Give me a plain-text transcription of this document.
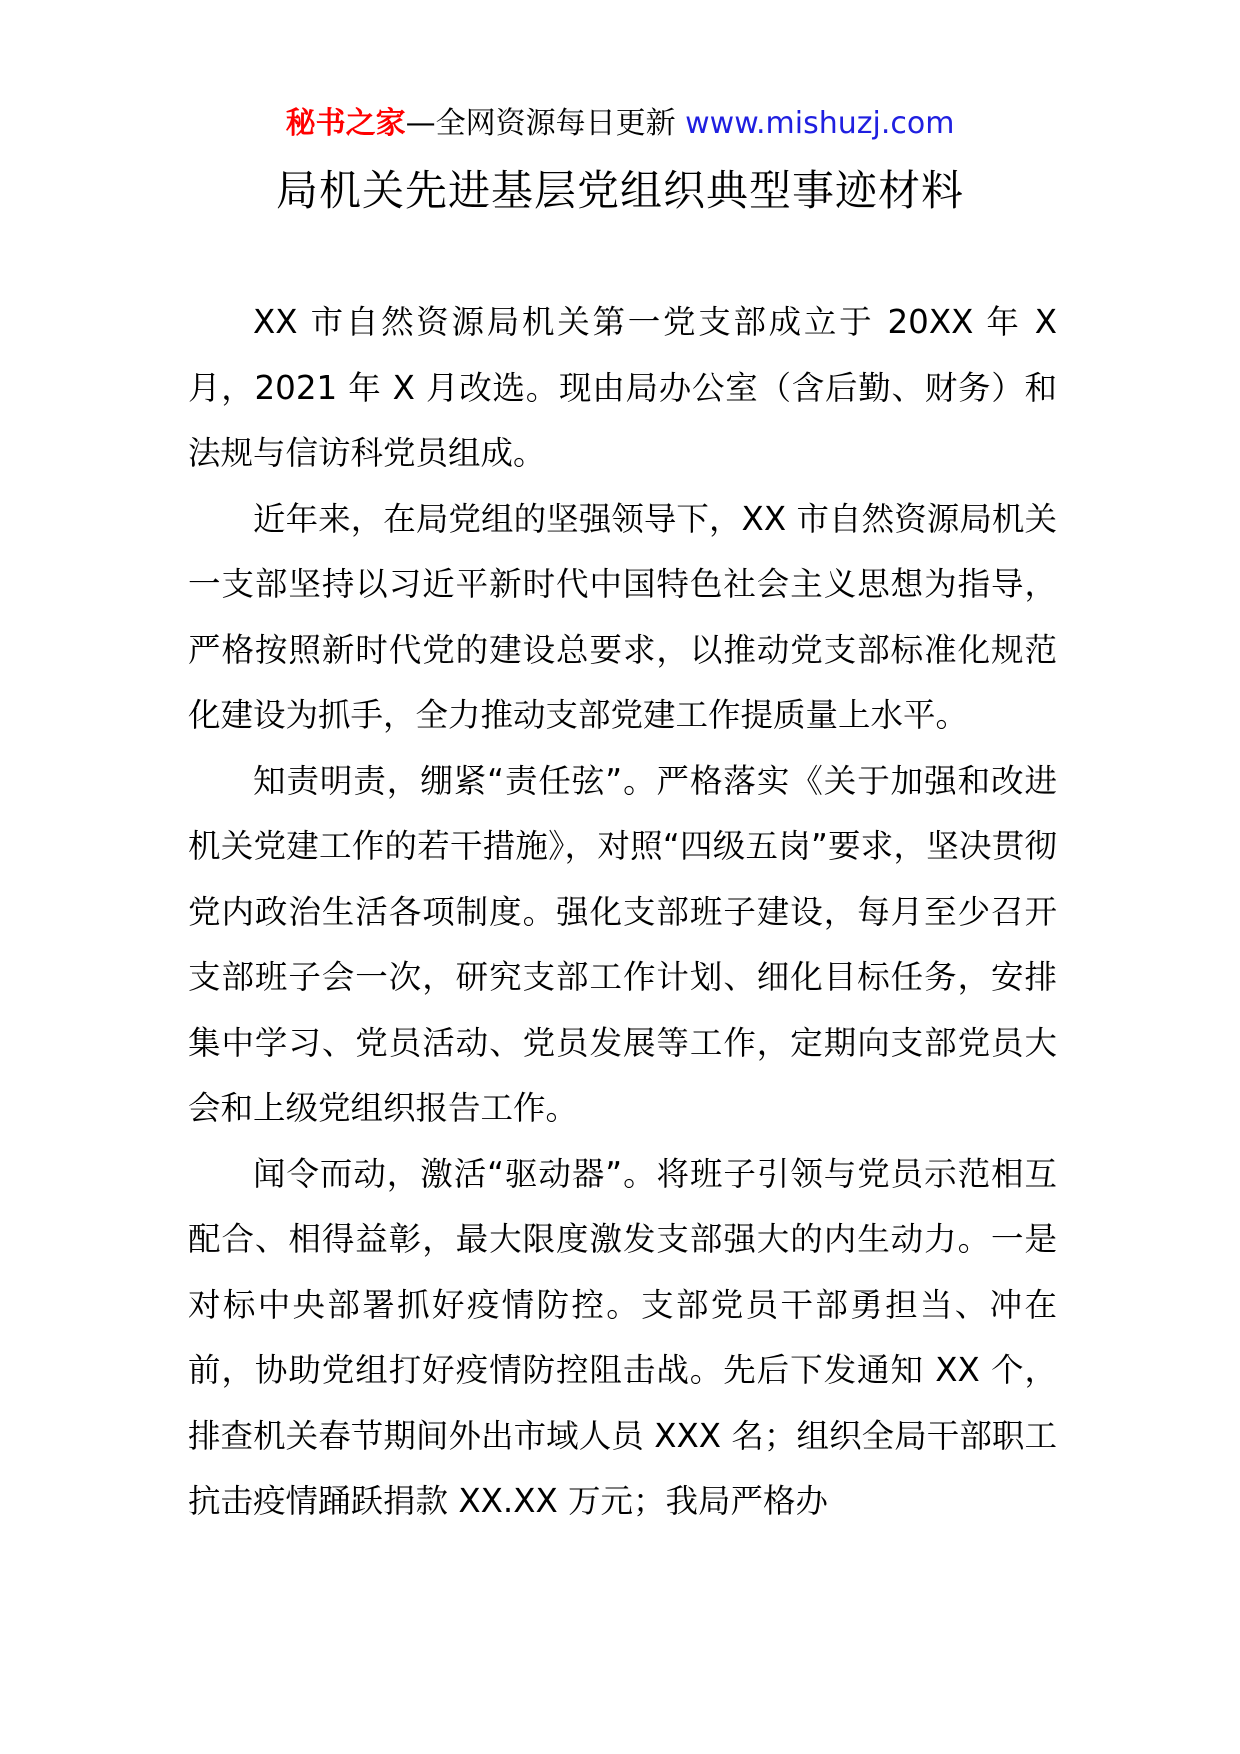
秘书之家—全网资源每日更新 www.mishuzj.com
局机关先进基层党组织典型事迹材料

XX 市自然资源局机关第一党支部成立于 20XX 年 X 月，2021 年 X 月改选。现由局办公室（含后勤、财务）和法规与信访科党员组成。

近年来，在局党组的坚强领导下，XX 市自然资源局机关一支部坚持以习近平新时代中国特色社会主义思想为指导，严格按照新时代党的建设总要求，以推动党支部标准化规范化建设为抓手，全力推动支部党建工作提质量上水平。

知责明责，绷紧“责任弦”。严格落实《关于加强和改进机关党建工作的若干措施》，对照“四级五岗”要求，坚决贯彻党内政治生活各项制度。强化支部班子建设，每月至少召开支部班子会一次，研究支部工作计划、细化目标任务，安排集中学习、党员活动、党员发展等工作，定期向支部党员大会和上级党组织报告工作。

闻令而动，激活“驱动器”。将班子引领与党员示范相互配合、相得益彰，最大限度激发支部强大的内生动力。一是对标中央部署抓好疫情防控。支部党员干部勇担当、冲在前，协助党组打好疫情防控阻击战。先后下发通知 XX 个，排查机关春节期间外出市域人员 XXX 名；组织全局干部职工抗击疫情踊跃捐款 XX.XX 万元；我局严格办
